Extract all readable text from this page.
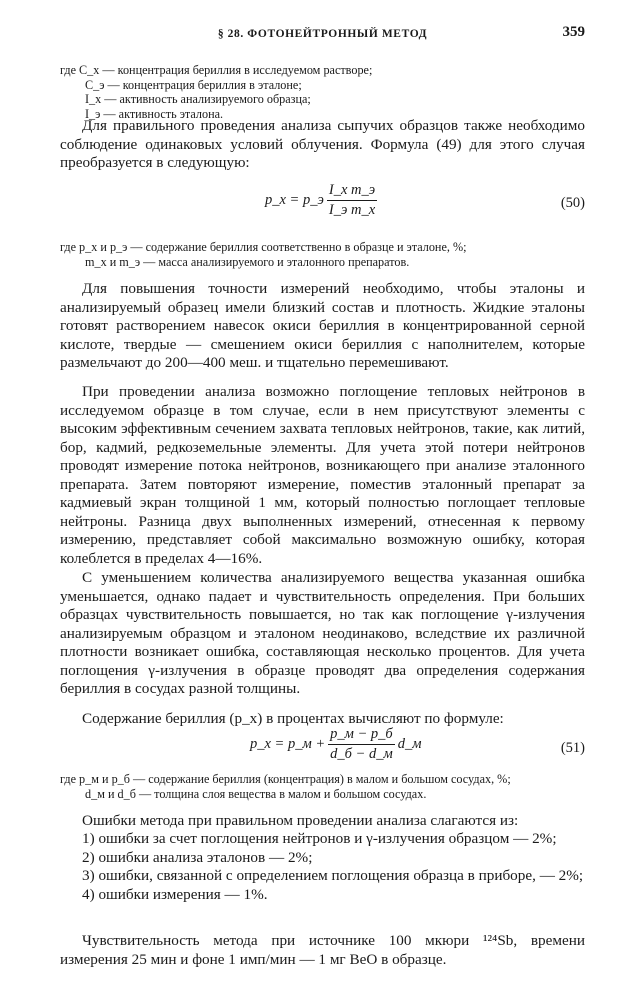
§ 28. ФОТОНЕЙТРОННЫЙ МЕТОД	359
где C_x — концентрация бериллия в исследуемом растворе;
C_э — концентрация бериллия в эталоне;
I_x — активность анализируемого образца;
I_э — активность эталона.

Для правильного проведения анализа сыпучих образцов также необходимо соблюдение одинаковых условий облучения. Формула (49) для этого случая преобразуется в следующую:

p_x = p_э $\frac{\text{I\_x m\_э}}{\text{I\_э m\_x}}$	(50)
где p_x и p_э — содержание бериллия соответственно в образце и эталоне, %;
m_x и m_э — масса анализируемого и эталонного препаратов.

Для повышения точности измерений необходимо, чтобы эталоны и анализируемый образец имели близкий состав и плотность. Жидкие эталоны готовят растворением навесок окиси бериллия в концентрированной серной кислоте, твердые — смешением окиси бериллия с наполнителем, которые размельчают до 200—400 меш. и тщательно перемешивают.

При проведении анализа возможно поглощение тепловых нейтронов в исследуемом образце в том случае, если в нем присутствуют элементы с высоким эффективным сечением захвата тепловых нейтронов, такие, как литий, бор, кадмий, редкоземельные элементы. Для учета этой потери нейтронов проводят измерение потока нейтронов, возникающего при анализе эталонного препарата. Затем повторяют измерение, поместив эталонный препарат за кадмиевый экран толщиной 1 мм, который полностью поглощает тепловые нейтроны. Разница двух выполненных измерений, отнесенная к первому измерению, представляет собой максимально возможную ошибку, которая колеблется в пределах 4—16%.

С уменьшением количества анализируемого вещества указанная ошибка уменьшается, однако падает и чувствительность определения. При больших образцах чувствительность повышается, но так как поглощение γ-излучения анализируемым образцом и эталоном неодинаково, вследствие их различной плотности возникает ошибка, составляющая несколько процентов. Для учета поглощения γ-излучения в образце проводят два определения содержания бериллия в сосудах разной толщины.

Содержание бериллия (p_x) в процентах вычисляют по формуле:

p_x = p_м + $\frac{p\_м - p\_б}{d\_б - d\_м}$ d_м	(51)
где p_м и p_б — содержание бериллия (концентрация) в малом и большом сосудах, %;
d_м и d_б — толщина слоя вещества в малом и большом сосудах.

Ошибки метода при правильном проведении анализа слагаются из:

1) ошибки за счет поглощения нейтронов и γ-излучения образцом — 2%;
2) ошибки анализа эталонов — 2%;
3) ошибки, связанной с определением поглощения образца в приборе, — 2%;
4) ошибки измерения — 1%.

Чувствительность метода при источнике 100 мкюри ¹²⁴Sb, времени измерения 25 мин и фоне 1 имп/мин — 1 мг BeO в образце.
